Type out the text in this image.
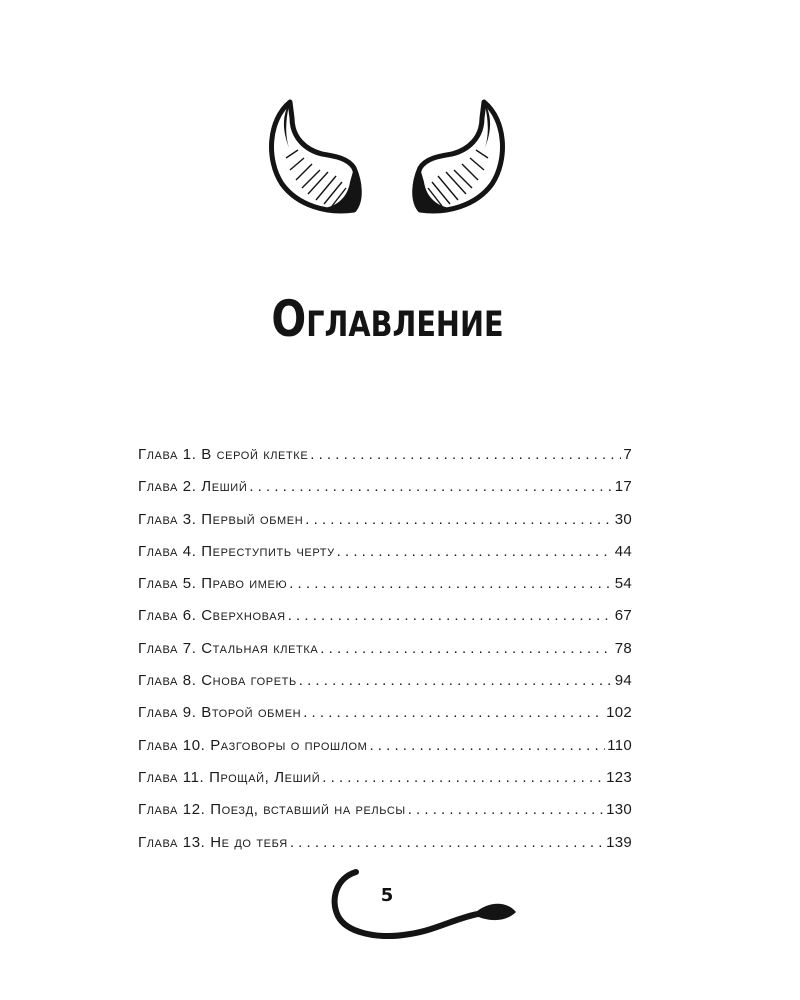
Оглавление
Глава 1. В серой клетке . . .	7
Глава 2. Леший . . .	17
Глава 3. Первый обмен . . .	30
Глава 4. Переступить черту . . .	44
Глава 5. Право имею . . .	54
Глава 6. Сверхновая . . .	67
Глава 7. Стальная клетка . . .	78
Глава 8. Снова гореть . . .	94
Глава 9. Второй обмен . . .	102
Глава 10. Разговоры о прошлом . . .	110
Глава 11. Прощай, Леший . . .	123
Глава 12. Поезд, вставший на рельсы . . .	130
Глава 13. Не до тебя . . .	139
5
